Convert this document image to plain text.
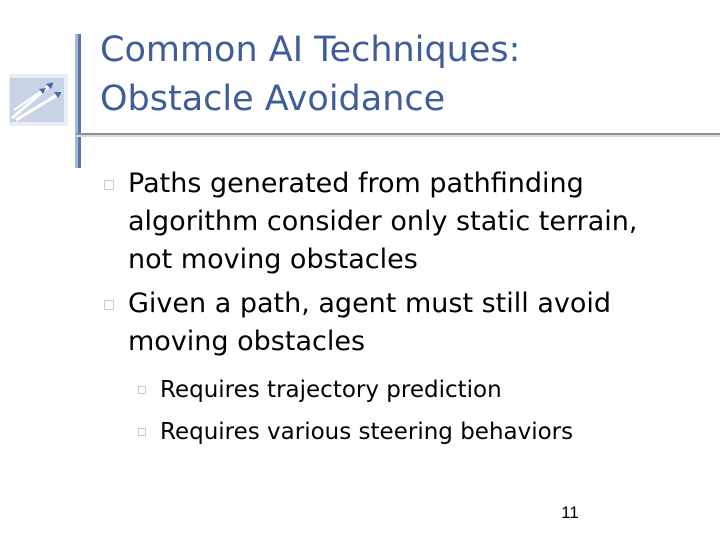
Common AI Techniques:
Obstacle Avoidance
Paths generated from pathfinding
algorithm consider only static terrain,
not moving obstacles
Given a path, agent must still avoid
moving obstacles
Requires trajectory prediction
Requires various steering behaviors
11
